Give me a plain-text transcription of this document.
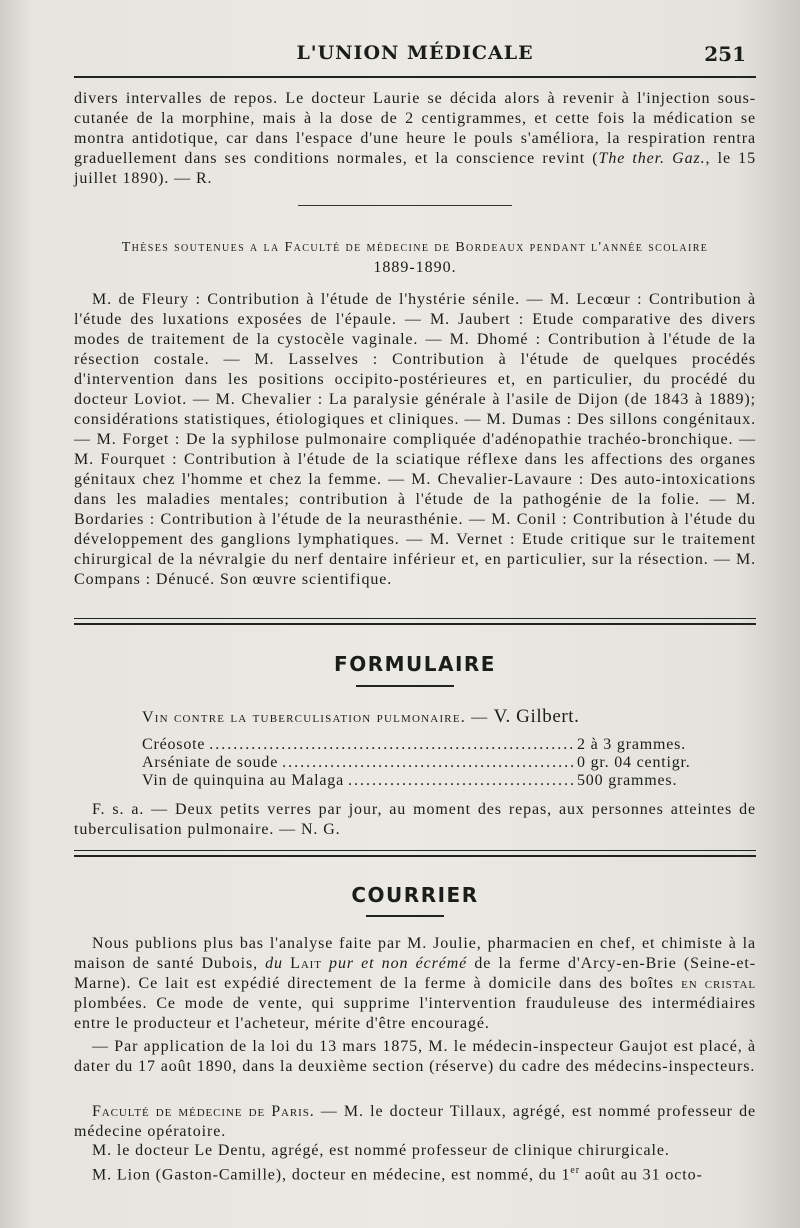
L'UNION MÉDICALE	251

divers intervalles de repos. Le docteur Laurie se décida alors à revenir à l'injection sous-cutanée de la morphine, mais à la dose de 2 centigrammes, et cette fois la médication se montra antidotique, car dans l'espace d'une heure le pouls s'améliora, la respiration rentra graduellement dans ses conditions normales, et la conscience revint (The ther. Gaz., le 15 juillet 1890). — R.

Thèses soutenues a la Faculté de médecine de Bordeaux pendant l'année scolaire
1889-1890.

M. de Fleury : Contribution à l'étude de l'hystérie sénile. — M. Lecœur : Contribution à l'étude des luxations exposées de l'épaule. — M. Jaubert : Etude comparative des divers modes de traitement de la cystocèle vaginale. — M. Dhomé : Contribution à l'étude de la résection costale. — M. Lasselves : Contribution à l'étude de quelques procédés d'intervention dans les positions occipito-postérieures et, en particulier, du procédé du docteur Loviot. — M. Chevalier : La paralysie générale à l'asile de Dijon (de 1843 à 1889); considérations statistiques, étiologiques et cliniques. — M. Dumas : Des sillons congénitaux. — M. Forget : De la syphilose pulmonaire compliquée d'adénopathie trachéo-bronchique. — M. Fourquet : Contribution à l'étude de la sciatique réflexe dans les affections des organes génitaux chez l'homme et chez la femme. — M. Chevalier-Lavaure : Des auto-intoxications dans les maladies mentales; contribution à l'étude de la pathogénie de la folie. — M. Bordaries : Contribution à l'étude de la neurasthénie. — M. Conil : Contribution à l'étude du développement des ganglions lymphatiques. — M. Vernet : Etude critique sur le traitement chirurgical de la névralgie du nerf dentaire inférieur et, en particulier, sur la résection. — M. Compans : Dénucé. Son œuvre scientifique.

FORMULAIRE
Vin contre la tuberculisation pulmonaire. — V. Gilbert.
Créosote .....	2 à 3 grammes.
Arséniate de soude .....	0 gr. 04 centigr.
Vin de quinquina au Malaga .....	500 grammes.

F. s. a. — Deux petits verres par jour, au moment des repas, aux personnes atteintes de tuberculisation pulmonaire. — N. G.

COURRIER

Nous publions plus bas l'analyse faite par M. Joulie, pharmacien en chef, et chimiste à la maison de santé Dubois, du Lait pur et non écrémé de la ferme d'Arcy-en-Brie (Seine-et-Marne). Ce lait est expédié directement de la ferme à domicile dans des boîtes en cristal plombées. Ce mode de vente, qui supprime l'intervention frauduleuse des intermédiaires entre le producteur et l'acheteur, mérite d'être encouragé.

— Par application de la loi du 13 mars 1875, M. le médecin-inspecteur Gaujot est placé, à dater du 17 août 1890, dans la deuxième section (réserve) du cadre des médecins-inspecteurs.

Faculté de médecine de Paris. — M. le docteur Tillaux, agrégé, est nommé professeur de médecine opératoire.

M. le docteur Le Dentu, agrégé, est nommé professeur de clinique chirurgicale.

M. Lion (Gaston-Camille), docteur en médecine, est nommé, du 1er août au 31 octo-
